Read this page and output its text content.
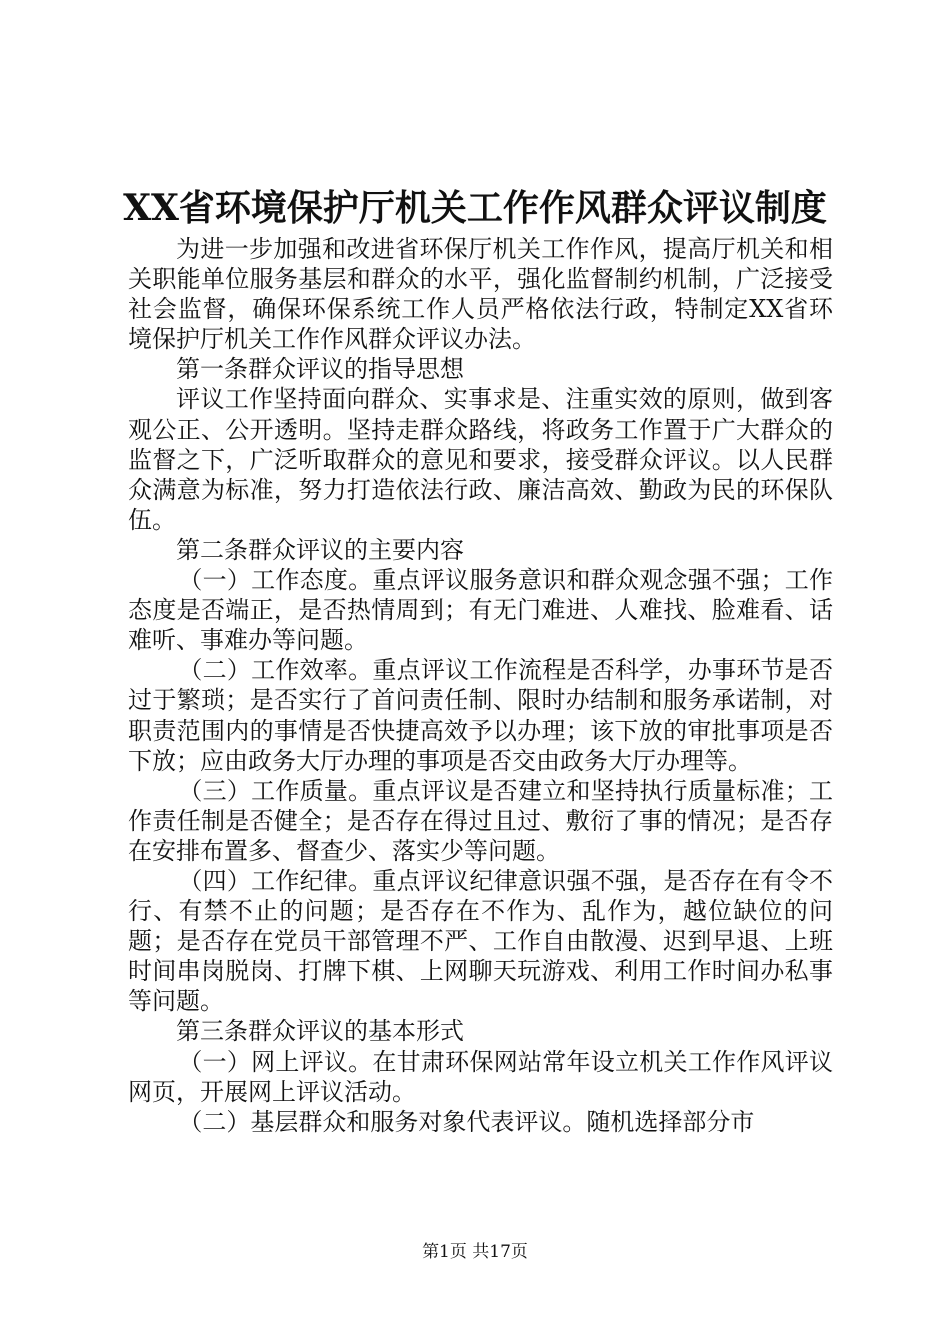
XX省环境保护厅机关工作作风群众评议制度

为进一步加强和改进省环保厅机关工作作风，提高厅机关和相关职能单位服务基层和群众的水平，强化监督制约机制，广泛接受社会监督，确保环保系统工作人员严格依法行政，特制定XX省环境保护厅机关工作作风群众评议办法。

第一条群众评议的指导思想

评议工作坚持面向群众、实事求是、注重实效的原则，做到客观公正、公开透明。坚持走群众路线，将政务工作置于广大群众的监督之下，广泛听取群众的意见和要求，接受群众评议。以人民群众满意为标准，努力打造依法行政、廉洁高效、勤政为民的环保队伍。

第二条群众评议的主要内容

（一）工作态度。重点评议服务意识和群众观念强不强；工作态度是否端正，是否热情周到；有无门难进、人难找、脸难看、话难听、事难办等问题。

（二）工作效率。重点评议工作流程是否科学，办事环节是否过于繁琐；是否实行了首问责任制、限时办结制和服务承诺制，对职责范围内的事情是否快捷高效予以办理；该下放的审批事项是否下放；应由政务大厅办理的事项是否交由政务大厅办理等。

（三）工作质量。重点评议是否建立和坚持执行质量标准；工作责任制是否健全；是否存在得过且过、敷衍了事的情况；是否存在安排布置多、督查少、落实少等问题。

（四）工作纪律。重点评议纪律意识强不强，是否存在有令不行、有禁不止的问题；是否存在不作为、乱作为，越位缺位的问题；是否存在党员干部管理不严、工作自由散漫、迟到早退、上班时间串岗脱岗、打牌下棋、上网聊天玩游戏、利用工作时间办私事等问题。

第三条群众评议的基本形式

（一）网上评议。在甘肃环保网站常年设立机关工作作风评议网页，开展网上评议活动。

（二）基层群众和服务对象代表评议。随机选择部分市

第1页 共17页
